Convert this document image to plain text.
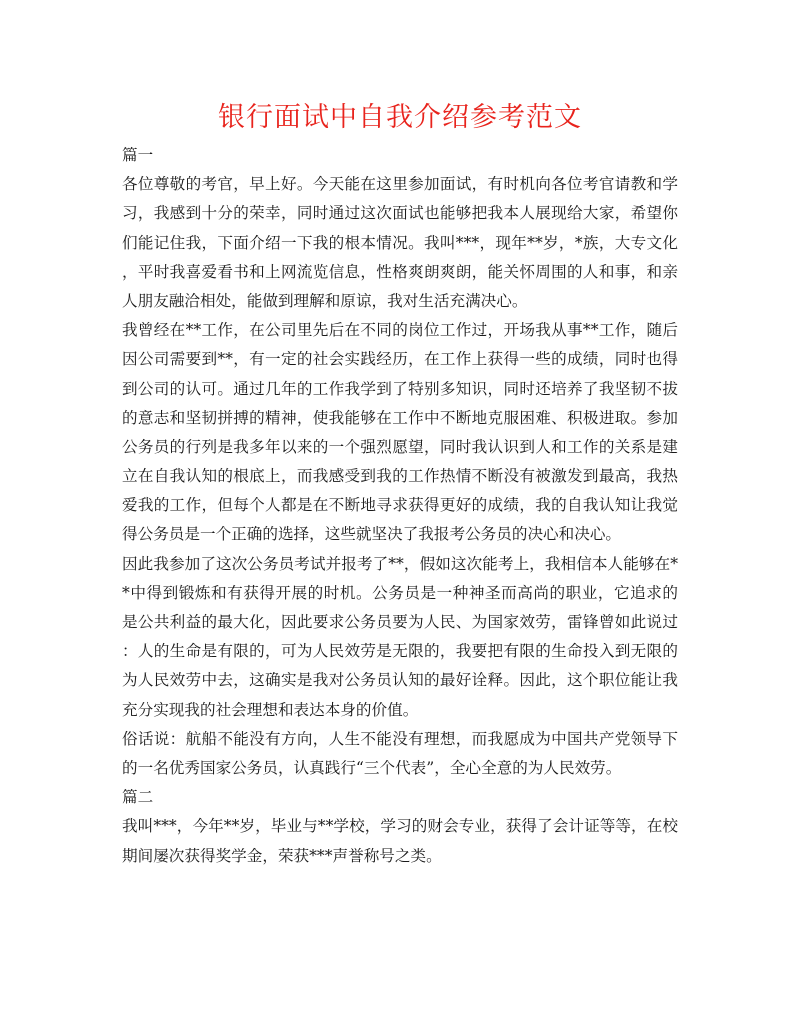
银行面试中自我介绍参考范文
篇一
各位尊敬的考官，早上好。今天能在这里参加面试，有时机向各位考官请教和学
习，我感到十分的荣幸，同时通过这次面试也能够把我本人展现给大家，希望你
们能记住我，下面介绍一下我的根本情况。我叫***，现年**岁，*族，大专文化
，平时我喜爱看书和上网流览信息，性格爽朗爽朗，能关怀周围的人和事，和亲
人朋友融洽相处，能做到理解和原谅，我对生活充满决心。
我曾经在**工作，在公司里先后在不同的岗位工作过，开场我从事**工作，随后
因公司需要到**，有一定的社会实践经历，在工作上获得一些的成绩，同时也得
到公司的认可。通过几年的工作我学到了特别多知识，同时还培养了我坚韧不拔
的意志和坚韧拼搏的精神，使我能够在工作中不断地克服困难、积极进取。参加
公务员的行列是我多年以来的一个强烈愿望，同时我认识到人和工作的关系是建
立在自我认知的根底上，而我感受到我的工作热情不断没有被激发到最高，我热
爱我的工作，但每个人都是在不断地寻求获得更好的成绩，我的自我认知让我觉
得公务员是一个正确的选择，这些就坚决了我报考公务员的决心和决心。
因此我参加了这次公务员考试并报考了**，假如这次能考上，我相信本人能够在*
*中得到锻炼和有获得开展的时机。公务员是一种神圣而高尚的职业，它追求的
是公共利益的最大化，因此要求公务员要为人民、为国家效劳，雷锋曾如此说过
：人的生命是有限的，可为人民效劳是无限的，我要把有限的生命投入到无限的
为人民效劳中去，这确实是我对公务员认知的最好诠释。因此，这个职位能让我
充分实现我的社会理想和表达本身的价值。
俗话说：航船不能没有方向，人生不能没有理想，而我愿成为中国共产党领导下
的一名优秀国家公务员，认真践行“三个代表”，全心全意的为人民效劳。
篇二
我叫***，今年**岁，毕业与**学校，学习的财会专业，获得了会计证等等，在校
期间屡次获得奖学金，荣获***声誉称号之类。
